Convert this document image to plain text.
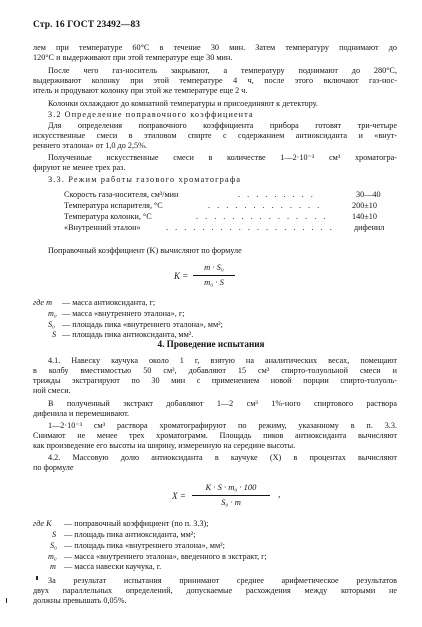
Стр. 16 ГОСТ 23492—83
лем при температуре 60°С в течение 30 мин. Затем температуру поднимают до
120°С и выдерживают при этой температуре еще 30 мин.
После чего газ-носитель закрывают, а температуру поднимают до 280°С,
выдерживают колонку при этой температуре 4 ч, после этого включают газ-нос-
итель и продувают колонку при этой же температуре еще 2 ч.
Колонки охлаждают до комнатной температуры и присоединяют к детектору.
3.2 Определение поправочного коэффициента
Для определения поправочного коэффициента прибора готовят три-четыре
искусственные смеси в этиловом спирте с содержанием антиоксиданта и «внут-
реннего эталона» от 1,0 до 2,5%.
Полученные искусственные смеси в количестве 1—2·10⁻³ см³ хроматогра-
фируют не менее трех раз.
3.3. Режим работы газового хроматографа
Скорость газа-носителя, см³/мин	. . . . . . . . .	30—40
Температура испарителя, °С	. . . . . . . . . . . . .	200±10
Температура колонки, °С	. . . . . . . . . . . . . . .	140±10
«Внутренний эталон»	. . . . . . . . . . . . . . . . . . . дифенил
Поправочный коэффициент (K) вычисляют по формуле
K =
m · S₀
m₀ · S
где m — масса антиоксиданта, г;
m₀ — масса «внутреннего эталона», г;
S₀ — площадь пика «внутреннего эталона», мм²;
S — площадь пика антиоксиданта, мм².
4. Проведение испытания
4.1. Навеску каучука около 1 г, взятую на аналитических весах, помещают
в колбу вместимостью 50 см³, добавляют 15 см³ спирто-толуольной смеси и
трижды экстрагируют по 30 мин с применением новой порции спирто-толуоль-
ной смеси.
В полученный экстракт добавляют 1—2 см³ 1%-ного спиртового раствора
дифенила и перемешивают.
1—2·10⁻³ см³ раствора хроматографируют по режиму, указанному в п. 3.3.
Снимают не менее трех хроматограмм. Площадь пиков антиоксиданта вычисляют
как произведение его высоты на ширину, измеренную на середине высоты.
4.2. Массовую долю антиоксиданта в каучуке (X) в процентах вычисляют
по формуле
X =
K · S · m₀ · 100
S₀ · m
,
где K — поправочный коэффициент (по п. 3.3);
S — площадь пика антиоксиданта, мм²;
S₀ — площадь пика «внутреннего эталона», мм²;
m₀ — масса «внутреннего эталона», введенного в экстракт, г;
m — масса навески каучука, г.
За результат испытания принимают среднее арифметическое результатов
двух параллельных определений, допускаемые расхождения между которыми не
должны превышать 0,05%.
